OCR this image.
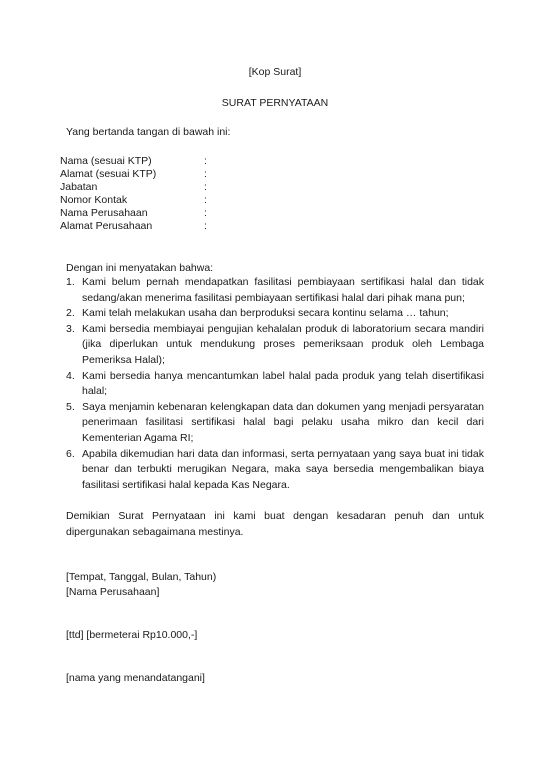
[Kop Surat]
SURAT PERNYATAAN
Yang bertanda tangan di bawah ini:
Nama (sesuai KTP)	:
Alamat (sesuai KTP)	:
Jabatan	:
Nomor Kontak	:
Nama Perusahaan	:
Alamat Perusahaan	:
Dengan ini menyatakan bahwa:
1. Kami belum pernah mendapatkan fasilitasi pembiayaan sertifikasi halal dan tidak sedang/akan menerima fasilitasi pembiayaan sertifikasi halal dari pihak mana pun;
2. Kami telah melakukan usaha dan berproduksi secara kontinu selama … tahun;
3. Kami bersedia membiayai pengujian kehalalan produk di laboratorium secara mandiri (jika diperlukan untuk mendukung proses pemeriksaan produk oleh Lembaga Pemeriksa Halal);
4. Kami bersedia hanya mencantumkan label halal pada produk yang telah disertifikasi halal;
5. Saya menjamin kebenaran kelengkapan data dan dokumen yang menjadi persyaratan penerimaan fasilitasi sertifikasi halal bagi pelaku usaha mikro dan kecil dari Kementerian Agama RI;
6. Apabila dikemudian hari data dan informasi, serta pernyataan yang saya buat ini tidak benar dan terbukti merugikan Negara, maka saya bersedia mengembalikan biaya fasilitasi sertifikasi halal kepada Kas Negara.
Demikian Surat Pernyataan ini kami buat dengan kesadaran penuh dan untuk dipergunakan sebagaimana mestinya.
[Tempat, Tanggal, Bulan, Tahun)
[Nama Perusahaan]
[ttd] [bermeterai Rp10.000,-]
[nama yang menandatangani]
